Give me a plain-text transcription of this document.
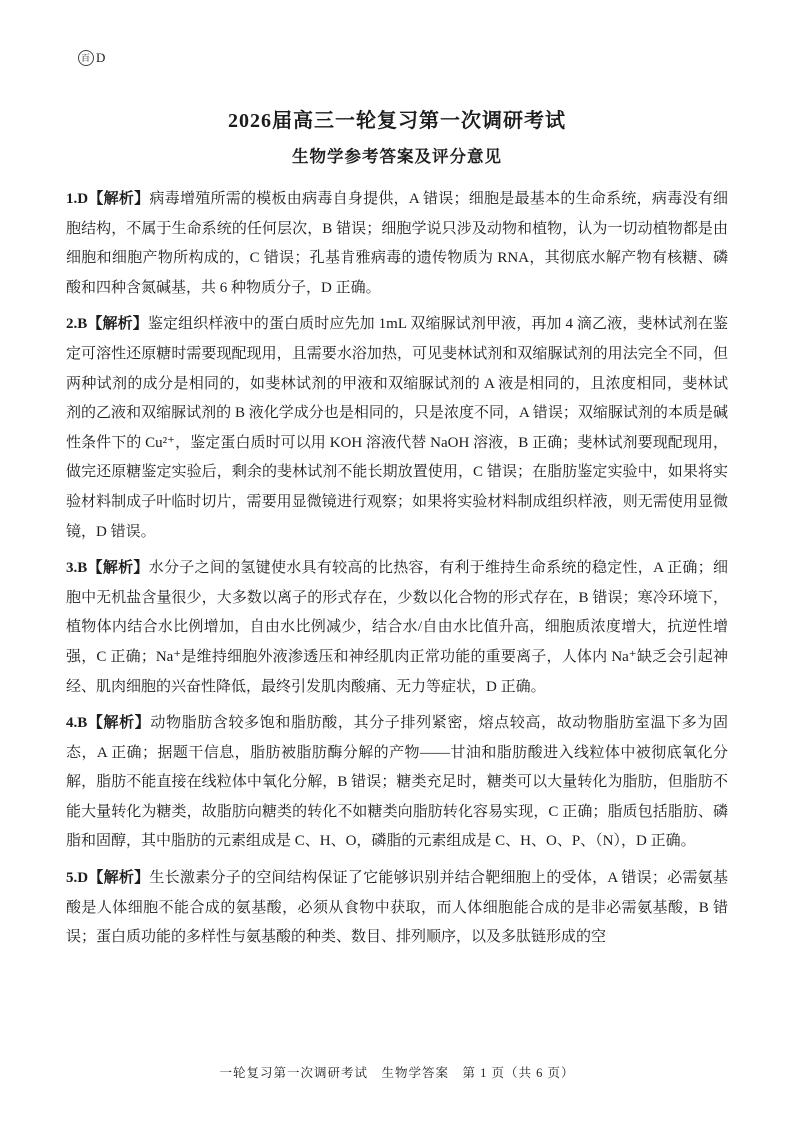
百 D
2026届高三一轮复习第一次调研考试
生物学参考答案及评分意见

1.D【解析】病毒增殖所需的模板由病毒自身提供，A 错误；细胞是最基本的生命系统，病毒没有细胞结构，不属于生命系统的任何层次，B 错误；细胞学说只涉及动物和植物，认为一切动植物都是由细胞和细胞产物所构成的，C 错误；孔基肯雅病毒的遗传物质为 RNA，其彻底水解产物有核糖、磷酸和四种含氮碱基，共 6 种物质分子，D 正确。

2.B【解析】鉴定组织样液中的蛋白质时应先加 1mL 双缩脲试剂甲液，再加 4 滴乙液，斐林试剂在鉴定可溶性还原糖时需要现配现用，且需要水浴加热，可见斐林试剂和双缩脲试剂的用法完全不同，但两种试剂的成分是相同的，如斐林试剂的甲液和双缩脲试剂的 A 液是相同的，且浓度相同，斐林试剂的乙液和双缩脲试剂的 B 液化学成分也是相同的，只是浓度不同，A 错误；双缩脲试剂的本质是碱性条件下的 Cu²⁺，鉴定蛋白质时可以用 KOH 溶液代替 NaOH 溶液，B 正确；斐林试剂要现配现用，做完还原糖鉴定实验后，剩余的斐林试剂不能长期放置使用，C 错误；在脂肪鉴定实验中，如果将实验材料制成子叶临时切片，需要用显微镜进行观察；如果将实验材料制成组织样液，则无需使用显微镜，D 错误。

3.B【解析】水分子之间的氢键使水具有较高的比热容，有利于维持生命系统的稳定性，A 正确；细胞中无机盐含量很少，大多数以离子的形式存在，少数以化合物的形式存在，B 错误；寒冷环境下，植物体内结合水比例增加，自由水比例减少，结合水/自由水比值升高，细胞质浓度增大，抗逆性增强，C 正确；Na⁺是维持细胞外液渗透压和神经肌肉正常功能的重要离子，人体内 Na⁺缺乏会引起神经、肌肉细胞的兴奋性降低，最终引发肌肉酸痛、无力等症状，D 正确。

4.B【解析】动物脂肪含较多饱和脂肪酸，其分子排列紧密，熔点较高，故动物脂肪室温下多为固态，A 正确；据题干信息，脂肪被脂肪酶分解的产物——甘油和脂肪酸进入线粒体中被彻底氧化分解，脂肪不能直接在线粒体中氧化分解，B 错误；糖类充足时，糖类可以大量转化为脂肪，但脂肪不能大量转化为糖类，故脂肪向糖类的转化不如糖类向脂肪转化容易实现，C 正确；脂质包括脂肪、磷脂和固醇，其中脂肪的元素组成是 C、H、O，磷脂的元素组成是 C、H、O、P、（N），D 正确。

5.D【解析】生长激素分子的空间结构保证了它能够识别并结合靶细胞上的受体，A 错误；必需氨基酸是人体细胞不能合成的氨基酸，必须从食物中获取，而人体细胞能合成的是非必需氨基酸，B 错误；蛋白质功能的多样性与氨基酸的种类、数目、排列顺序，以及多肽链形成的空

一轮复习第一次调研考试　生物学答案　第 1 页（共 6 页）
